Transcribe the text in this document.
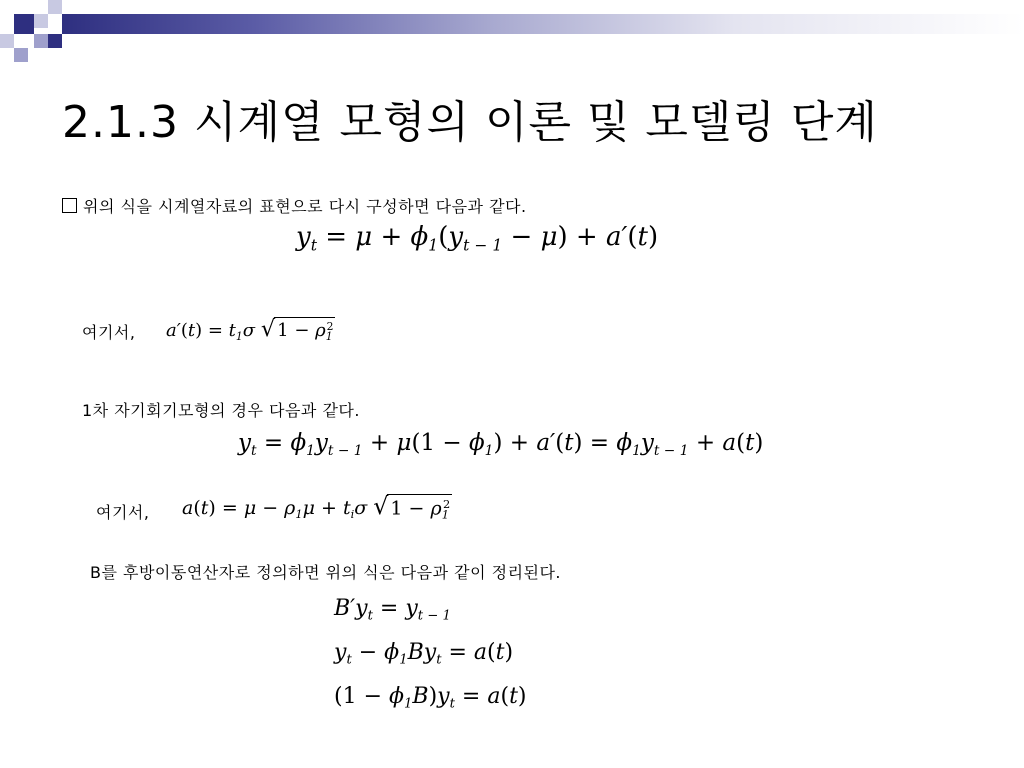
2.1.3 시계열 모형의 이론 및 모델링 단계
위의 식을 시계열자료의 표현으로 다시 구성하면 다음과 같다.
$y_t = \mu + \phi_1(y_{t - 1} - \mu) + a'(t)$
여기서, $a'(t) = t_1\sigma$ √ $1 - \rho_1^2$
1차 자기회기모형의 경우 다음과 같다.
$y_t = \phi_1y_{t - 1} + \mu(1 - \phi_1) + a'(t) = \phi_1y_{t - 1} + a(t)$
여기서, $a(t) = \mu - \rho_1\mu + t_i\sigma$ √ $1 - \rho_1^2$
B를 후방이동연산자로 정의하면 위의 식은 다음과 같이 정리된다.
$B'y_t = y_{t - 1}$
$y_t - \phi_1By_t = a(t)$
$(1 - \phi_1B)y_t = a(t)$
